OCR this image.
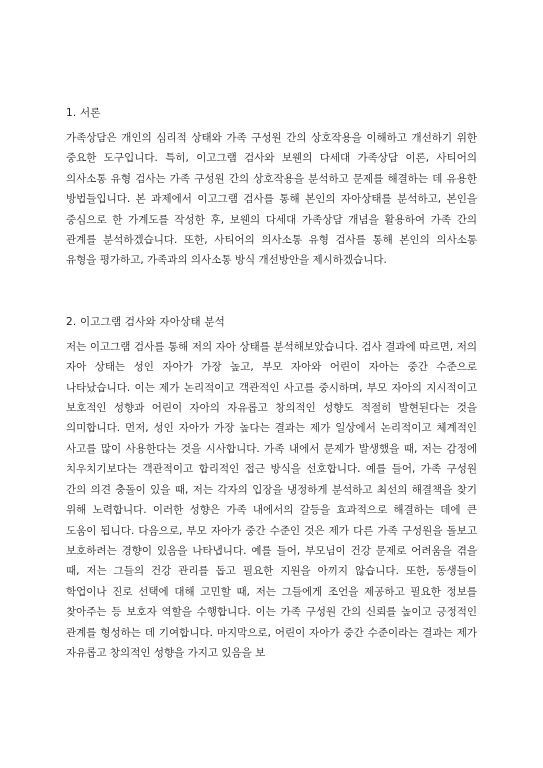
1. 서론

가족상담은 개인의 심리적 상태와 가족 구성원 간의 상호작용을 이해하고 개선하기 위한 중요한 도구입니다. 특히, 이고그램 검사와 보웬의 다세대 가족상담 이론, 사티어의 의사소통 유형 검사는 가족 구성원 간의 상호작용을 분석하고 문제를 해결하는 데 유용한 방법들입니다. 본 과제에서 이고그램 검사를 통해 본인의 자아상태를 분석하고, 본인을 중심으로 한 가계도를 작성한 후, 보웬의 다세대 가족상담 개념을 활용하여 가족 간의 관계를 분석하겠습니다. 또한, 사티어의 의사소통 유형 검사를 통해 본인의 의사소통 유형을 평가하고, 가족과의 의사소통 방식 개선방안을 제시하겠습니다.

2. 이고그램 검사와 자아상태 분석

저는 이고그램 검사를 통해 저의 자아 상태를 분석해보았습니다. 검사 결과에 따르면, 저의 자아 상태는 성인 자아가 가장 높고, 부모 자아와 어린이 자아는 중간 수준으로 나타났습니다. 이는 제가 논리적이고 객관적인 사고를 중시하며, 부모 자아의 지시적이고 보호적인 성향과 어린이 자아의 자유롭고 창의적인 성향도 적절히 발현된다는 것을 의미합니다. 먼저, 성인 자아가 가장 높다는 결과는 제가 일상에서 논리적이고 체계적인 사고를 많이 사용한다는 것을 시사합니다. 가족 내에서 문제가 발생했을 때, 저는 감정에 치우치기보다는 객관적이고 합리적인 접근 방식을 선호합니다. 예를 들어, 가족 구성원 간의 의견 충돌이 있을 때, 저는 각자의 입장을 냉정하게 분석하고 최선의 해결책을 찾기 위해 노력합니다. 이러한 성향은 가족 내에서의 갈등을 효과적으로 해결하는 데에 큰 도움이 됩니다. 다음으로, 부모 자아가 중간 수준인 것은 제가 다른 가족 구성원을 돌보고 보호하려는 경향이 있음을 나타냅니다. 예를 들어, 부모님이 건강 문제로 어려움을 겪을 때, 저는 그들의 건강 관리를 돕고 필요한 지원을 아끼지 않습니다. 또한, 동생들이 학업이나 진로 선택에 대해 고민할 때, 저는 그들에게 조언을 제공하고 필요한 정보를 찾아주는 등 보호자 역할을 수행합니다. 이는 가족 구성원 간의 신뢰를 높이고 긍정적인 관계를 형성하는 데 기여합니다. 마지막으로, 어린이 자아가 중간 수준이라는 결과는 제가 자유롭고 창의적인 성향을 가지고 있음을 보
